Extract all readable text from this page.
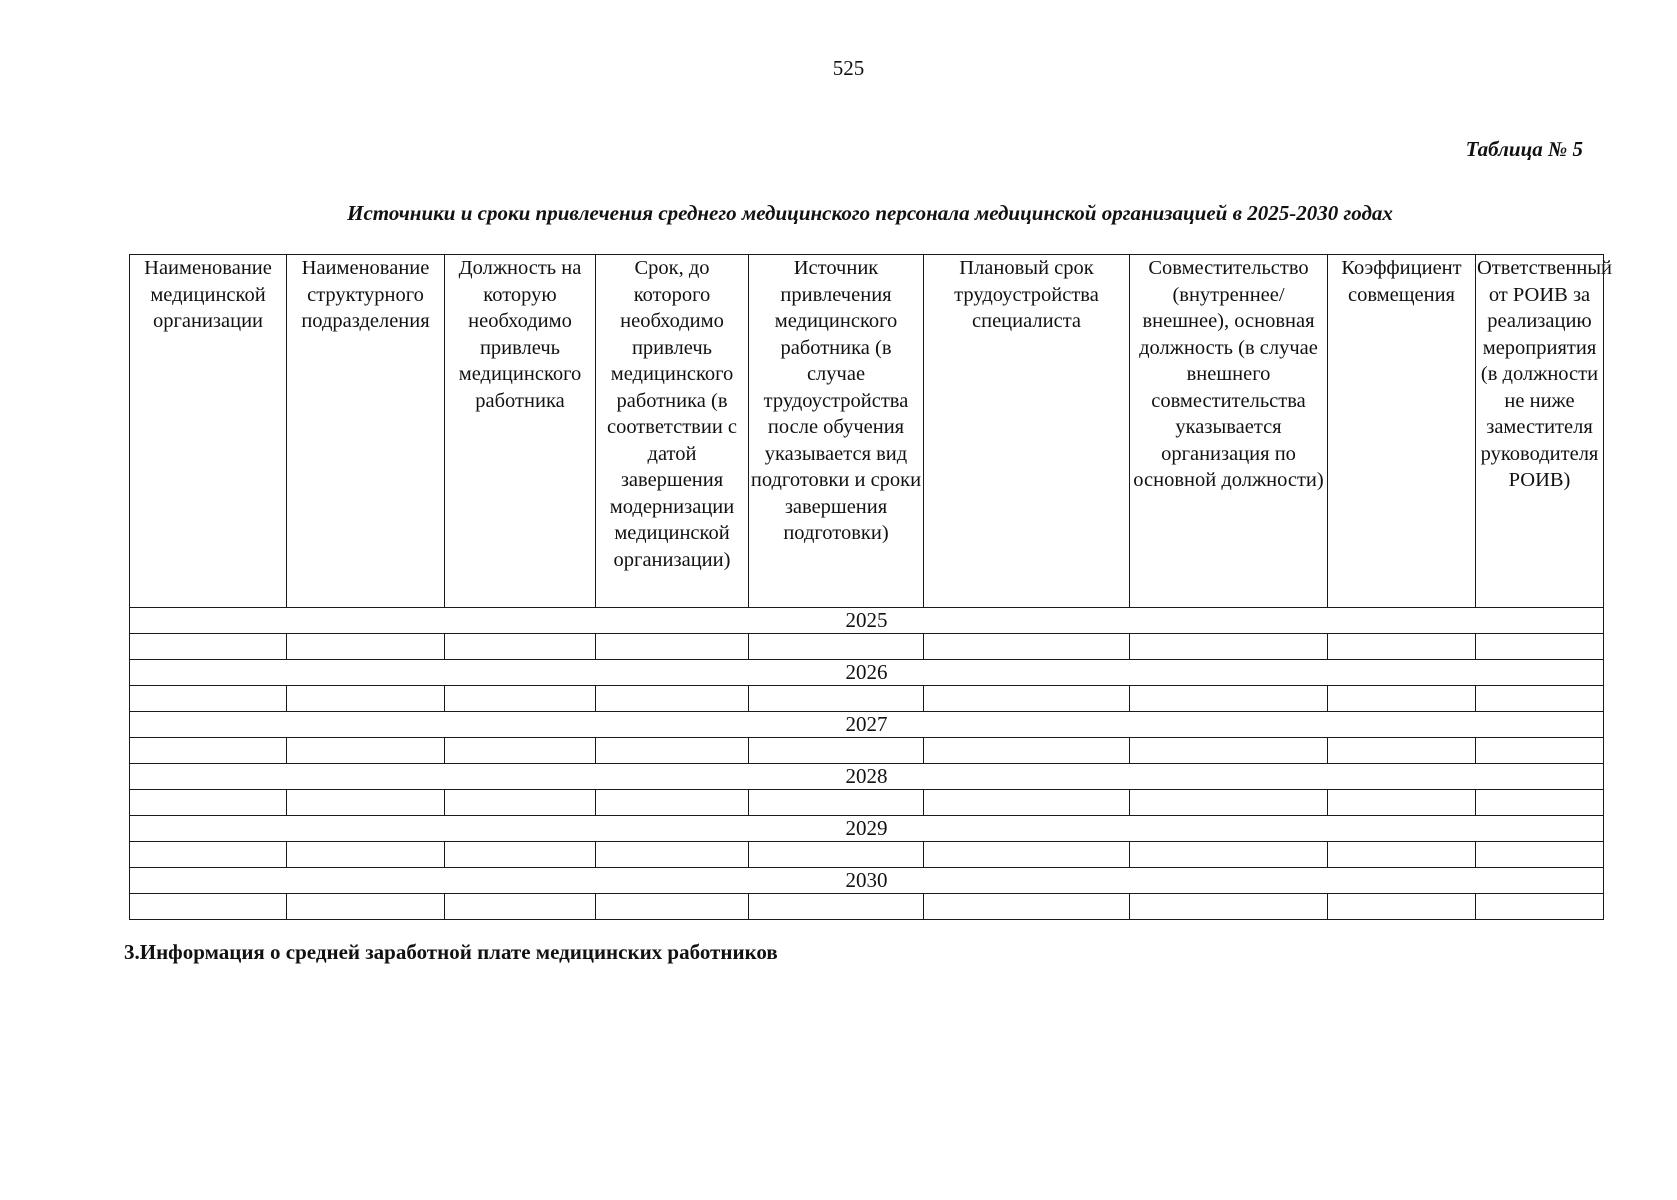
525
Таблица № 5
Источники и сроки привлечения среднего медицинского персонала медицинской организацией в 2025-2030 годах
Наименование медицинской организации	Наименование структурного подразделения	Должность на которую необходимо привлечь медицинского работника	Срок, до которого необходимо привлечь медицинского работника (в соответствии с датой завершения модернизации медицинской организации)	Источник привлечения медицинского работника (в случае трудоустройства после обучения указывается вид подготовки и сроки завершения подготовки)	Плановый срок трудоустройства специалиста	Совместительство (внутреннее/внешнее), основная должность (в случае внешнего совместительства указывается организация по основной должности)	Коэффициент совмещения	Ответственный от РОИВ за реализацию мероприятия (в должности не ниже заместителя руководителя РОИВ)
2025								

2026								

2027								

2028								

2029								

2030								

3.Информация о средней заработной плате медицинских работников
